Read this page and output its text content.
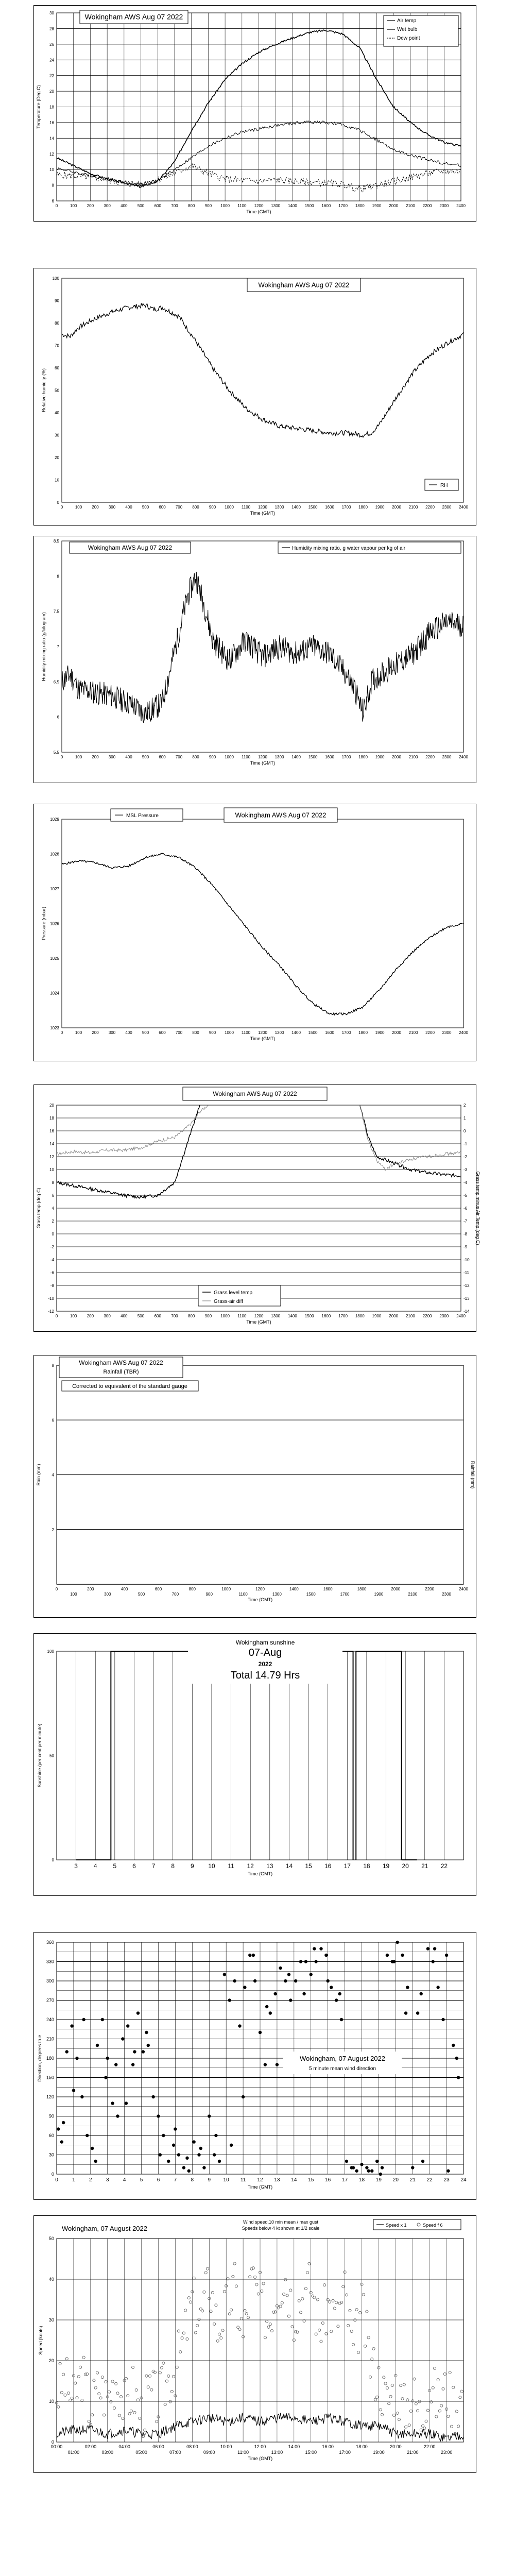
6
8
10
12
14
16
18
20
22
24
26
28
30
0	100 200 300 400 500 600 700 800 900 1000 1100 1200 1300 1400 1500 1600 1700 1800 1900 2000 2100 2200 2300 2400
Time (GMT)
Temperature (Deg C)
Wokingham AWS Aug 07 2022	Air temp
Wet bulb
Dew point
0
10
20
30
40
50
60
70
80
90
100
0	100 200 300 400 500 600 700 800 900 1000 1100 1200 1300 1400 1500 1600 1700 1800 1900 2000 2100 2200 2300 2400
Time (GMT)
Relative humidity (%)
Wokingham AWS Aug 07 2022
RH
5.5
6
6.5
7
7.5
8
8.5
0	100 200 300 400 500 600 700 800 900 1000 1100 1200 1300 1400 1500 1600 1700 1800 1900 2000 2100 2200 2300 2400
Time (GMT)
Humidity mixing ratio (g/kilogram)
Wokingham AWS Aug 07 2022	Humidity mixing ratio, g water vapour per kg of air
1023
1024
1025
1026
1027
1028
1029
0	100 200 300 400 500 600 700 800 900 1000 1100 1200 1300 1400 1500 1600 1700 1800 1900 2000 2100 2200 2300 2400
Time (GMT)
Pressure (mbar)
Wokingham AWS Aug 07 2022
MSL Pressure
-12
-10
-8
-6
-4
-2
0
2
4
6
8
10
12
14
16
18
20
-14
-13
-12
-11
-10
-9
-8
-7
-6
-5
-4
-3
-2
-1
0
1
2
0	100 200 300 400 500 600 700 800 900 1000 1100 1200 1300 1400 1500 1600 1700 1800 1900 2000 2100 2200 2300 2400
Time (GMT)
Grass temp (deg C)	Grass temp minus Air Temp (deg C)
Wokingham AWS Aug 07 2022
Grass level temp
Grass-air diff
2
4
6
8
0	200	400	600	800	1000	1200	1400	1600	1800	2000	2200	2400
100	300	500	700	900	1100	1300	1500	1700	1900	2100	2300
Time (GMT)
Rain (mm)	Rainfall (mm)
Wokingham AWS Aug 07 2022
Rainfall (TBR)
Corrected to equivalent of the standard gauge
3	4	5	6	7	8	9 10 11 12 13 14 15 16 17 18 19 20 21 22
0
50
100
Time (GMT)
Sunshine (per cent per minute)
Wokingham sunshine
07-Aug
2022
Total 14.79 Hrs
0
30
60
90
120
150
180
210
240
270
300
330
360
0	1	2	3	4	5	6	7	8	9 10 11 12 13 14 15 16 17 18 19 20 21 22 23 24
Time (GMT)
Direction, degrees true	Wokingham, 07 August 2022
5 minute mean wind direction
0
10
20
30
40
50
00:00	02:00	04:00	06:00	08:00	10:00	12:00	14:00	16:00	18:00	20:00	22:00
01:00	03:00	05:00	07:00	09:00	11:00	13:00	15:00	17:00	19:00	21:00	23:00
Time (GMT)
Speed (knots)
Wokingham, 07 August 2022
Wind speed,10 min mean / max gust
Speeds below 4 kt shown at 1/2 scale
Speed x 1	Speed f 6
